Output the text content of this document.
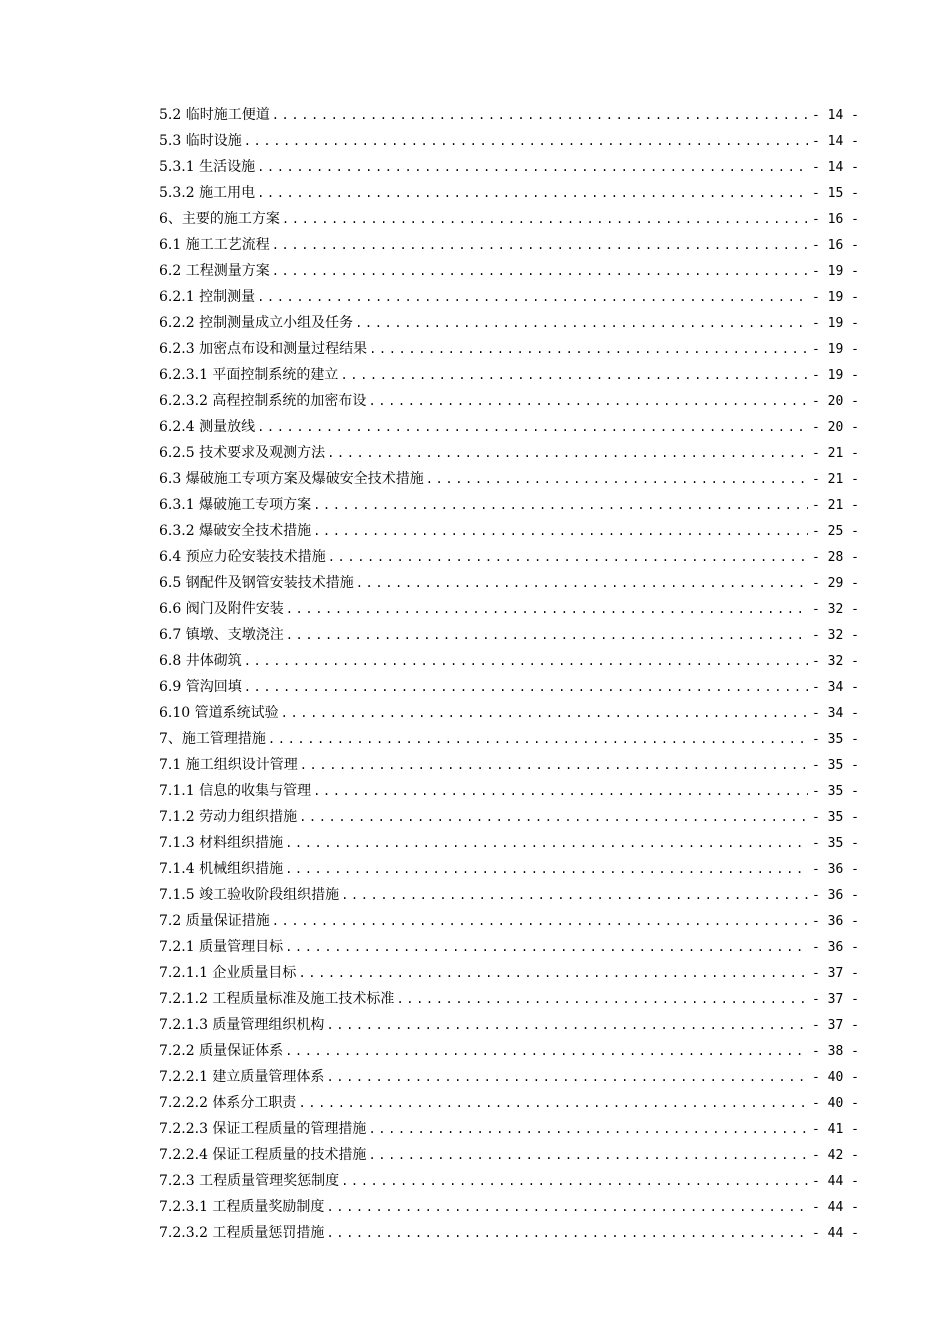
5.2 临时施工便道 .....	- 14 -
5.3 临时设施 .....	- 14 -
5.3.1 生活设施 .....	- 14 -
5.3.2 施工用电 .....	- 15 -
6、主要的施工方案 .....	- 16 -
6.1 施工工艺流程 .....	- 16 -
6.2 工程测量方案 .....	- 19 -
6.2.1 控制测量 .....	- 19 -
6.2.2 控制测量成立小组及任务 .....	- 19 -
6.2.3 加密点布设和测量过程结果 .....	- 19 -
6.2.3.1 平面控制系统的建立 .....	- 19 -
6.2.3.2 高程控制系统的加密布设 .....	- 20 -
6.2.4 测量放线 .....	- 20 -
6.2.5 技术要求及观测方法 .....	- 21 -
6.3 爆破施工专项方案及爆破安全技术措施 .....	- 21 -
6.3.1 爆破施工专项方案 .....	- 21 -
6.3.2 爆破安全技术措施 .....	- 25 -
6.4 预应力砼安装技术措施 .....	- 28 -
6.5 钢配件及钢管安装技术措施 .....	- 29 -
6.6 阀门及附件安装 .....	- 32 -
6.7 镇墩、支墩浇注 .....	- 32 -
6.8 井体砌筑 .....	- 32 -
6.9 管沟回填 .....	- 34 -
6.10 管道系统试验 .....	- 34 -
7、施工管理措施 .....	- 35 -
7.1 施工组织设计管理 .....	- 35 -
7.1.1 信息的收集与管理 .....	- 35 -
7.1.2 劳动力组织措施 .....	- 35 -
7.1.3 材料组织措施 .....	- 35 -
7.1.4 机械组织措施 .....	- 36 -
7.1.5 竣工验收阶段组织措施 .....	- 36 -
7.2 质量保证措施 .....	- 36 -
7.2.1 质量管理目标 .....	- 36 -
7.2.1.1 企业质量目标 .....	- 37 -
7.2.1.2 工程质量标准及施工技术标准 .....	- 37 -
7.2.1.3 质量管理组织机构 .....	- 37 -
7.2.2 质量保证体系 .....	- 38 -
7.2.2.1 建立质量管理体系 .....	- 40 -
7.2.2.2 体系分工职责 .....	- 40 -
7.2.2.3 保证工程质量的管理措施 .....	- 41 -
7.2.2.4 保证工程质量的技术措施 .....	- 42 -
7.2.3 工程质量管理奖惩制度 .....	- 44 -
7.2.3.1 工程质量奖励制度 .....	- 44 -
7.2.3.2 工程质量惩罚措施 .....	- 44 -
